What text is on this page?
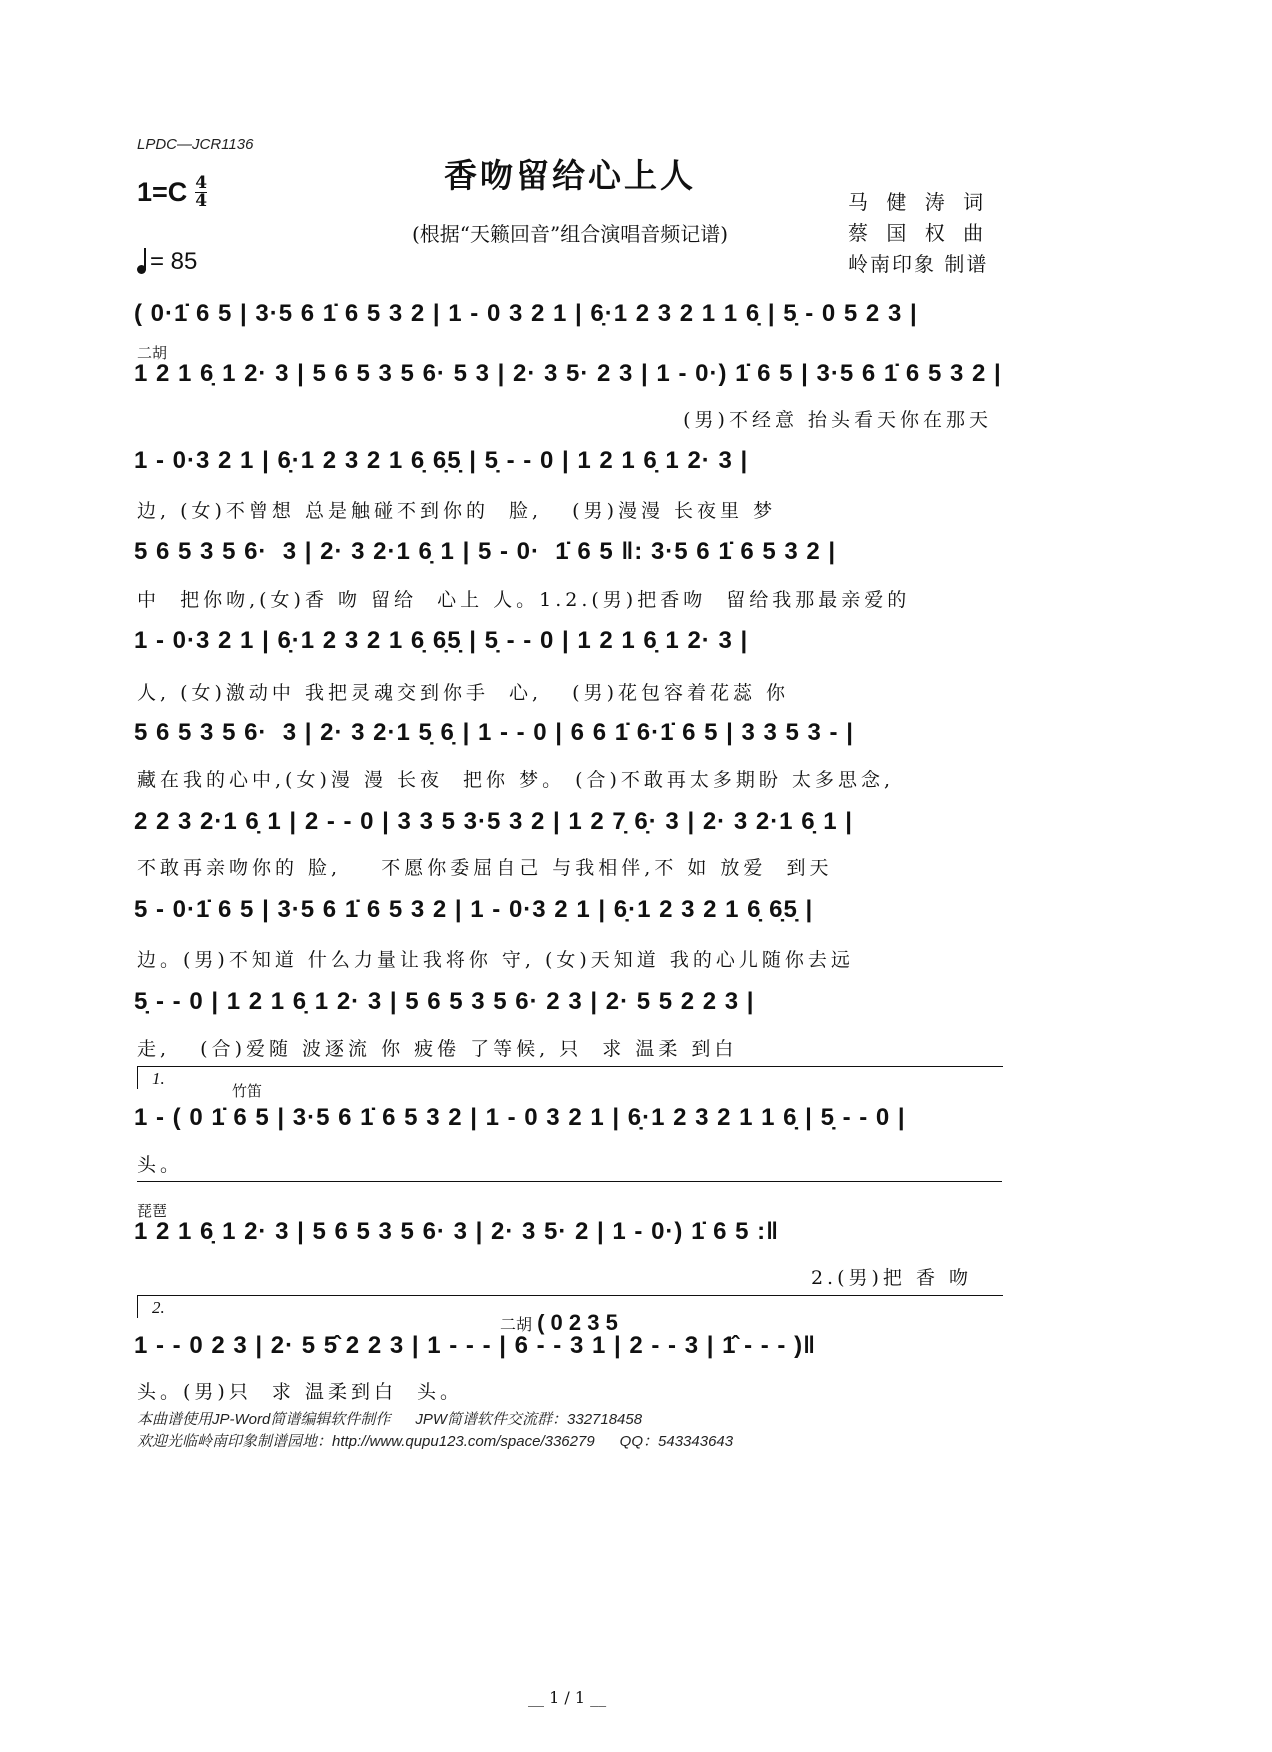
LPDC—JCR1136
香吻留给心上人
$1=C \frac{4}{4}$
(根据“天籁回音”组合演唱音频记谱)
马 健 涛 词
蔡 国 权 曲
岭南印象 制谱
= 85
( 0·1̇ 6 5 | 3·5 6 1̇ 6 5 3 2 | 1 - 0 3 2 1 | 6̣·1 2 3 2 1 1 6̣ | 5̣ - 0 5 2 3 |
二胡
1 2 1 6̣ 1 2· 3 | 5 6 5 3 5 6· 5 3 | 2· 3 5· 2 3 | 1 - 0·) 1̇ 6 5 | 3·5 6 1̇ 6 5 3 2 |
(男)不经意 抬头看天你在那天
1 - 0·3 2 1 | 6̣·1 2 3 2 1 6̣ 6̣5̣ | 5̣ - - 0 | 1 2 1 6̣ 1 2· 3 |
边, (女)不曾想 总是触碰不到你的  脸,   (男)漫漫 长夜里 梦
5 6 5 3 5 6·  3 | 2· 3 2·1 6̣ 1 | 5 - 0·  1̇ 6 5 ‖: 3·5 6 1̇ 6 5 3 2 |
中  把你吻,(女)香 吻 留给  心上 人。1.2.(男)把香吻  留给我那最亲爱的
1 - 0·3 2 1 | 6̣·1 2 3 2 1 6̣ 6̣5̣ | 5̣ - - 0 | 1 2 1 6̣ 1 2· 3 |
人, (女)激动中 我把灵魂交到你手  心,   (男)花包容着花蕊 你
5 6 5 3 5 6·  3 | 2· 3 2·1 5̣ 6̣ | 1 - - 0 | 6 6 1̇ 6·1̇ 6 5 | 3 3 5 3 - |
藏在我的心中,(女)漫 漫 长夜  把你 梦。 (合)不敢再太多期盼 太多思念,
2 2 3 2·1 6̣ 1 | 2 - - 0 | 3 3 5 3·5 3 2 | 1 2 7̣ 6̣· 3 | 2· 3 2·1 6̣ 1 |
不敢再亲吻你的 脸,    不愿你委屈自己 与我相伴,不 如 放爱  到天
5 - 0·1̇ 6 5 | 3·5 6 1̇ 6 5 3 2 | 1 - 0·3 2 1 | 6̣·1 2 3 2 1 6̣ 6̣5̣ |
边。(男)不知道 什么力量让我将你 守, (女)天知道 我的心儿随你去远
5̣ - - 0 | 1 2 1 6̣ 1 2· 3 | 5 6 5 3 5 6· 2 3 | 2· 5 5 2 2 3 |
走,   (合)爱随 波逐流 你 疲倦 了等候, 只  求 温柔 到白
1.
竹笛
1 - ( 0 1̇ 6 5 | 3·5 6 1̇ 6 5 3 2 | 1 - 0 3 2 1 | 6̣·1 2 3 2 1 1 6̣ | 5̣ - - 0 |
头。
琵琶
1 2 1 6̣ 1 2· 3 | 5 6 5 3 5 6· 3 | 2· 3 5· 2 | 1 - 0·) 1̇ 6 5 :‖
2.(男)把 香 吻
2.
二胡 ( 0 2 3 5
1 - - 0 2 3 | 2· 5 5̂ 2 2 3 | 1 - - - | 6 - - 3 1 | 2 - - 3 | 1̂ - - - )‖
头。(男)只  求 温柔到白  头。
本曲谱使用JP-Word简谱编辑软件制作      JPW简谱软件交流群：332718458
欢迎光临岭南印象制谱园地：http://www.qupu123.com/space/336279      QQ：543343643
__ 1 / 1 __
